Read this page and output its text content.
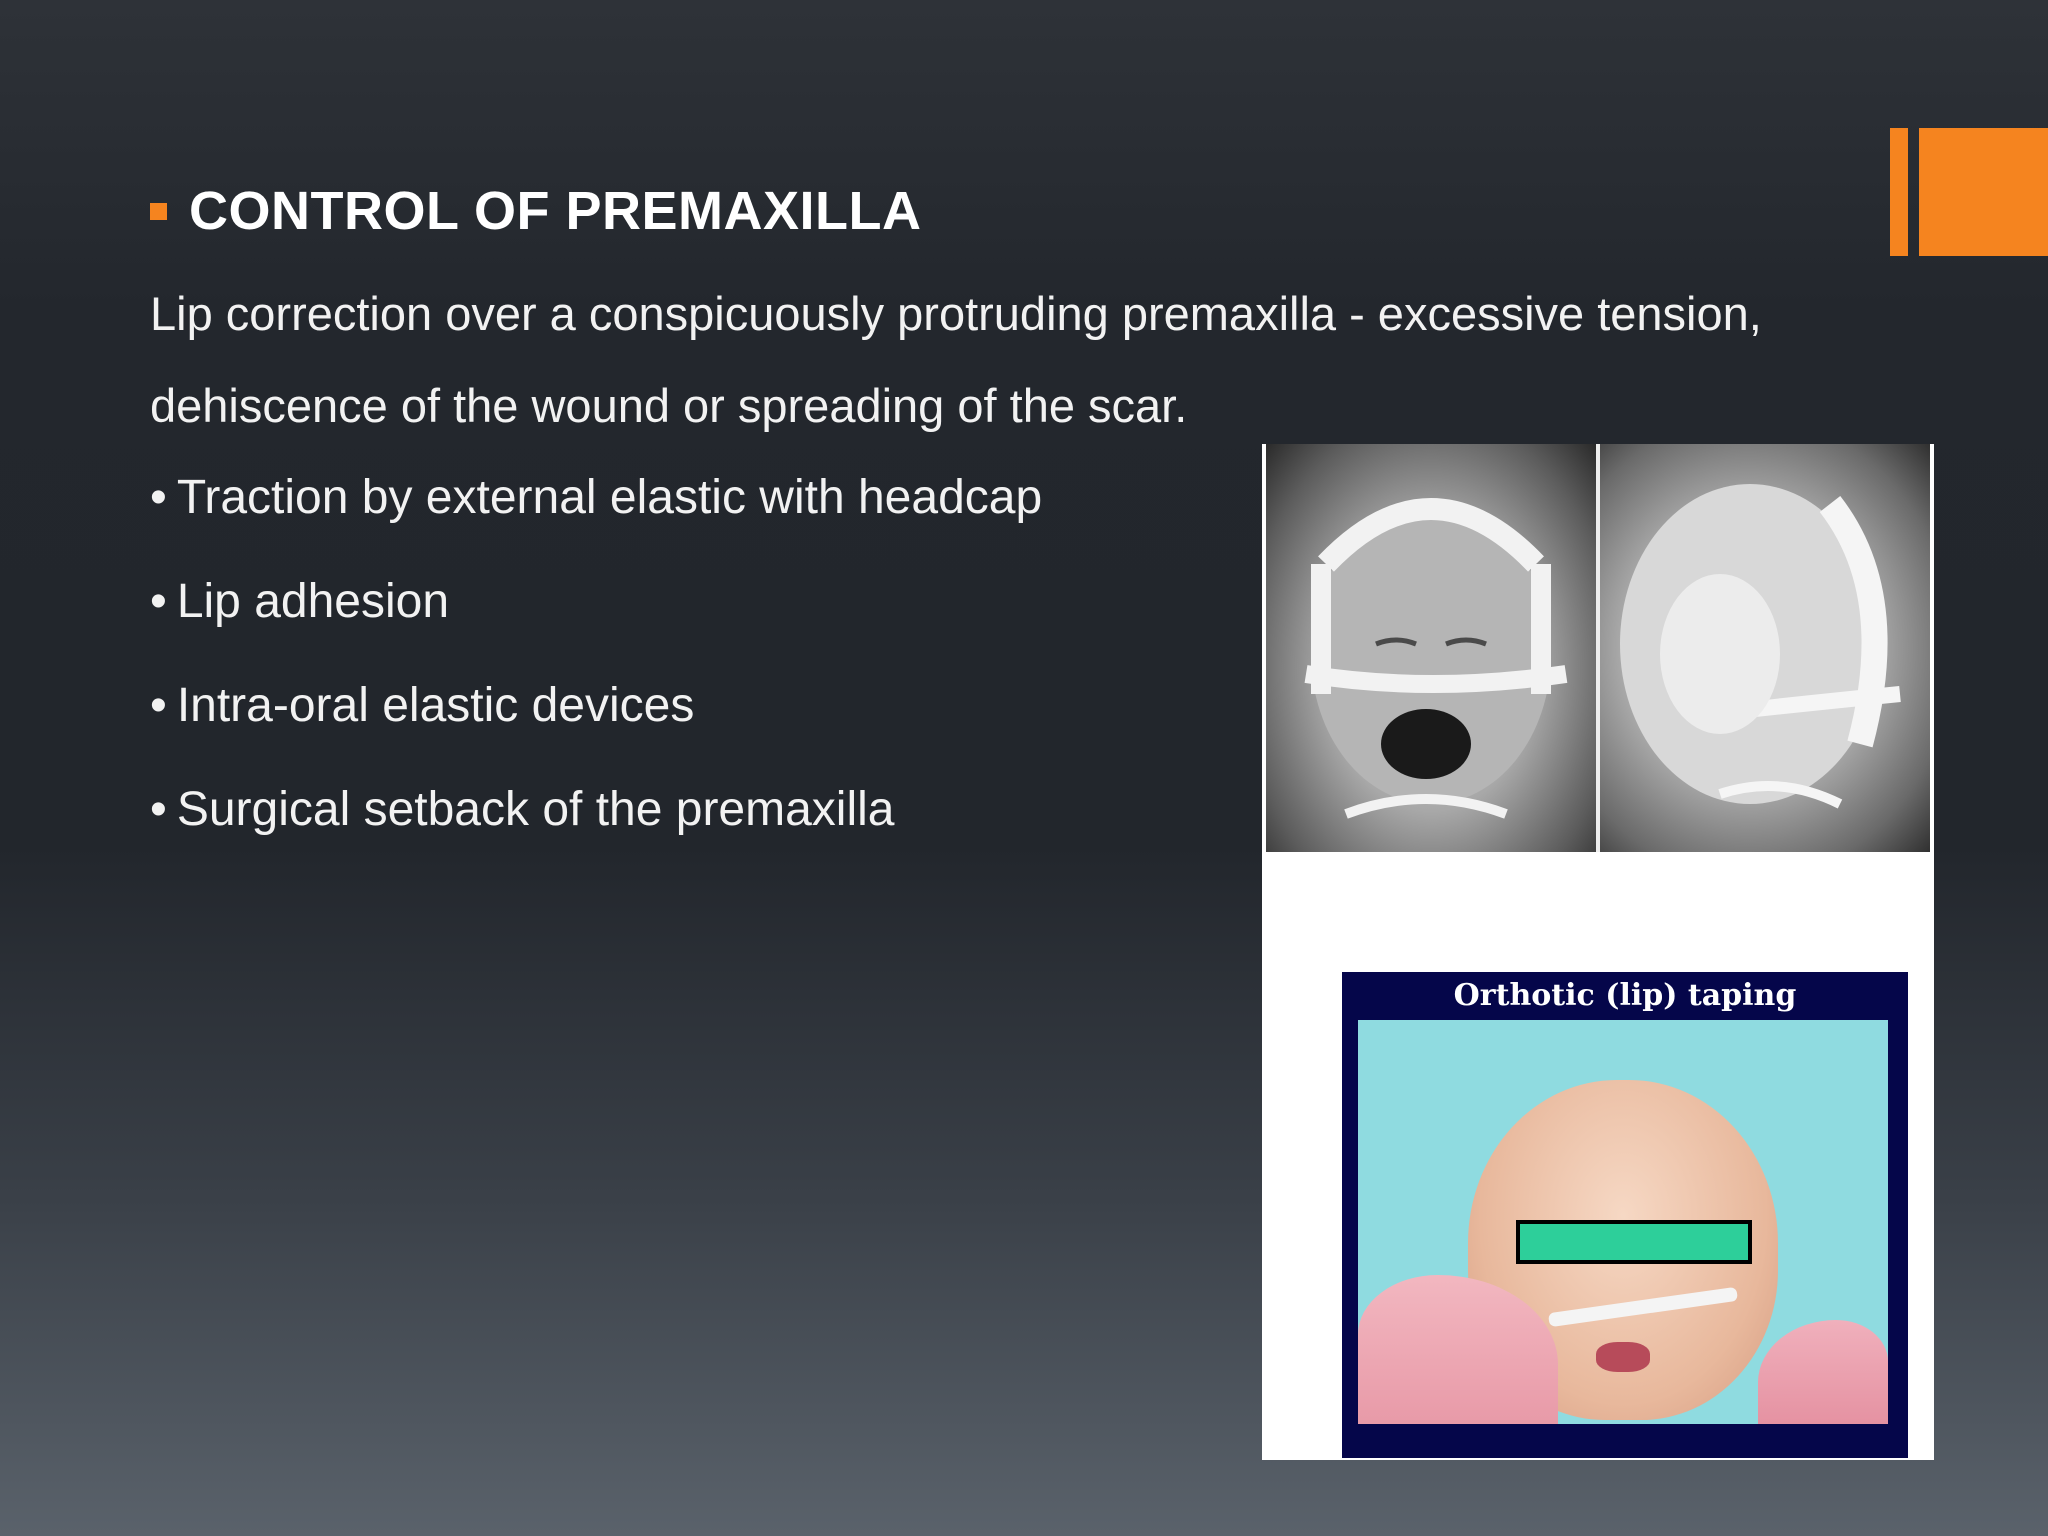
CONTROL OF PREMAXILLA
Lip correction over a conspicuously protruding premaxilla - excessive tension, dehiscence of the wound or spreading of the scar.
• Traction by external elastic with headcap
• Lip adhesion
• Intra-oral elastic devices
• Surgical setback of the premaxilla
Orthotic (lip) taping
